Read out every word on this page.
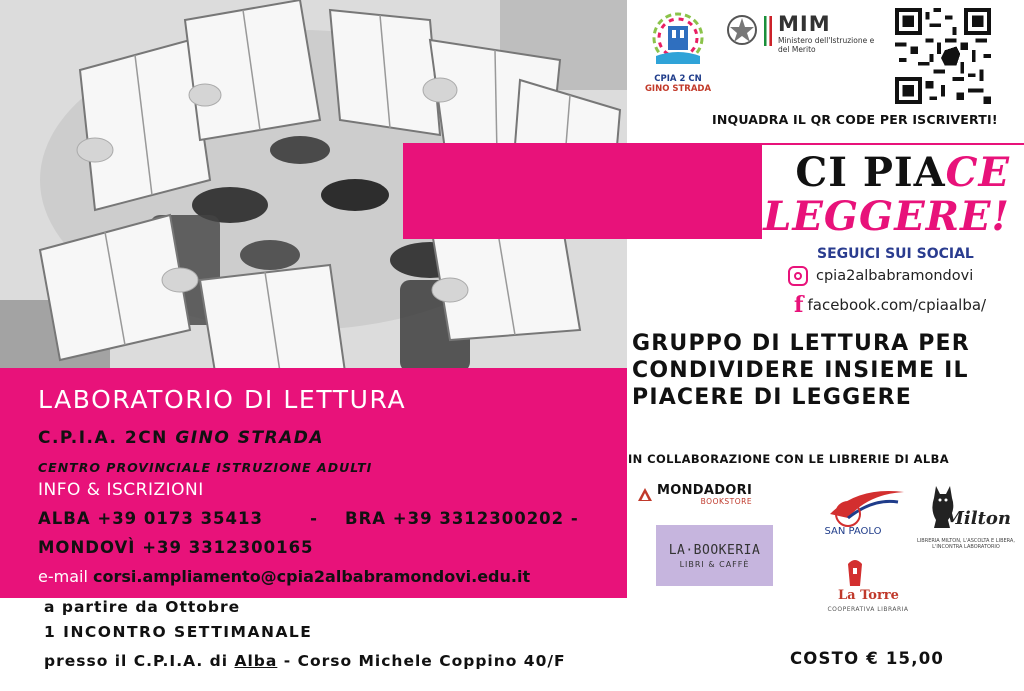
CPIA 2 CN
GINO STRADA
MIM
Ministero dell'Istruzione e del Merito
INQUADRA IL QR CODE PER ISCRIVERTI!
CI PIACE
LEGGERE!
SEGUICI SUI SOCIAL
cpia2albabramondovi
f facebook.com/cpiaalba/
GRUPPO DI LETTURA PER CONDIVIDERE INSIEME IL PIACERE DI LEGGERE
IN COLLABORAZIONE CON LE LIBRERIE DI ALBA
MONDADORI
BOOKSTORE
LA·BOOKERIA
LIBRI & CAFFÈ
SAN PAOLO
Milton
LIBRERIA MILTON, L'ASCOLTA E LIBERA, L'INCONTRA LABORATORIO
La Torre
COOPERATIVA LIBRARIA
LABORATORIO DI LETTURA
C.P.I.A. 2CN GINO STRADA
CENTRO PROVINCIALE ISTRUZIONE ADULTI
INFO & ISCRIZIONI
ALBA +39 0173 35413       -    BRA +39 3312300202 -
MONDOVÌ +39 3312300165
e-mail corsi.ampliamento@cpia2albabramondovi.edu.it
a partire da Ottobre
1 INCONTRO SETTIMANALE
presso il C.P.I.A. di Alba - Corso Michele Coppino 40/F	COSTO € 15,00
